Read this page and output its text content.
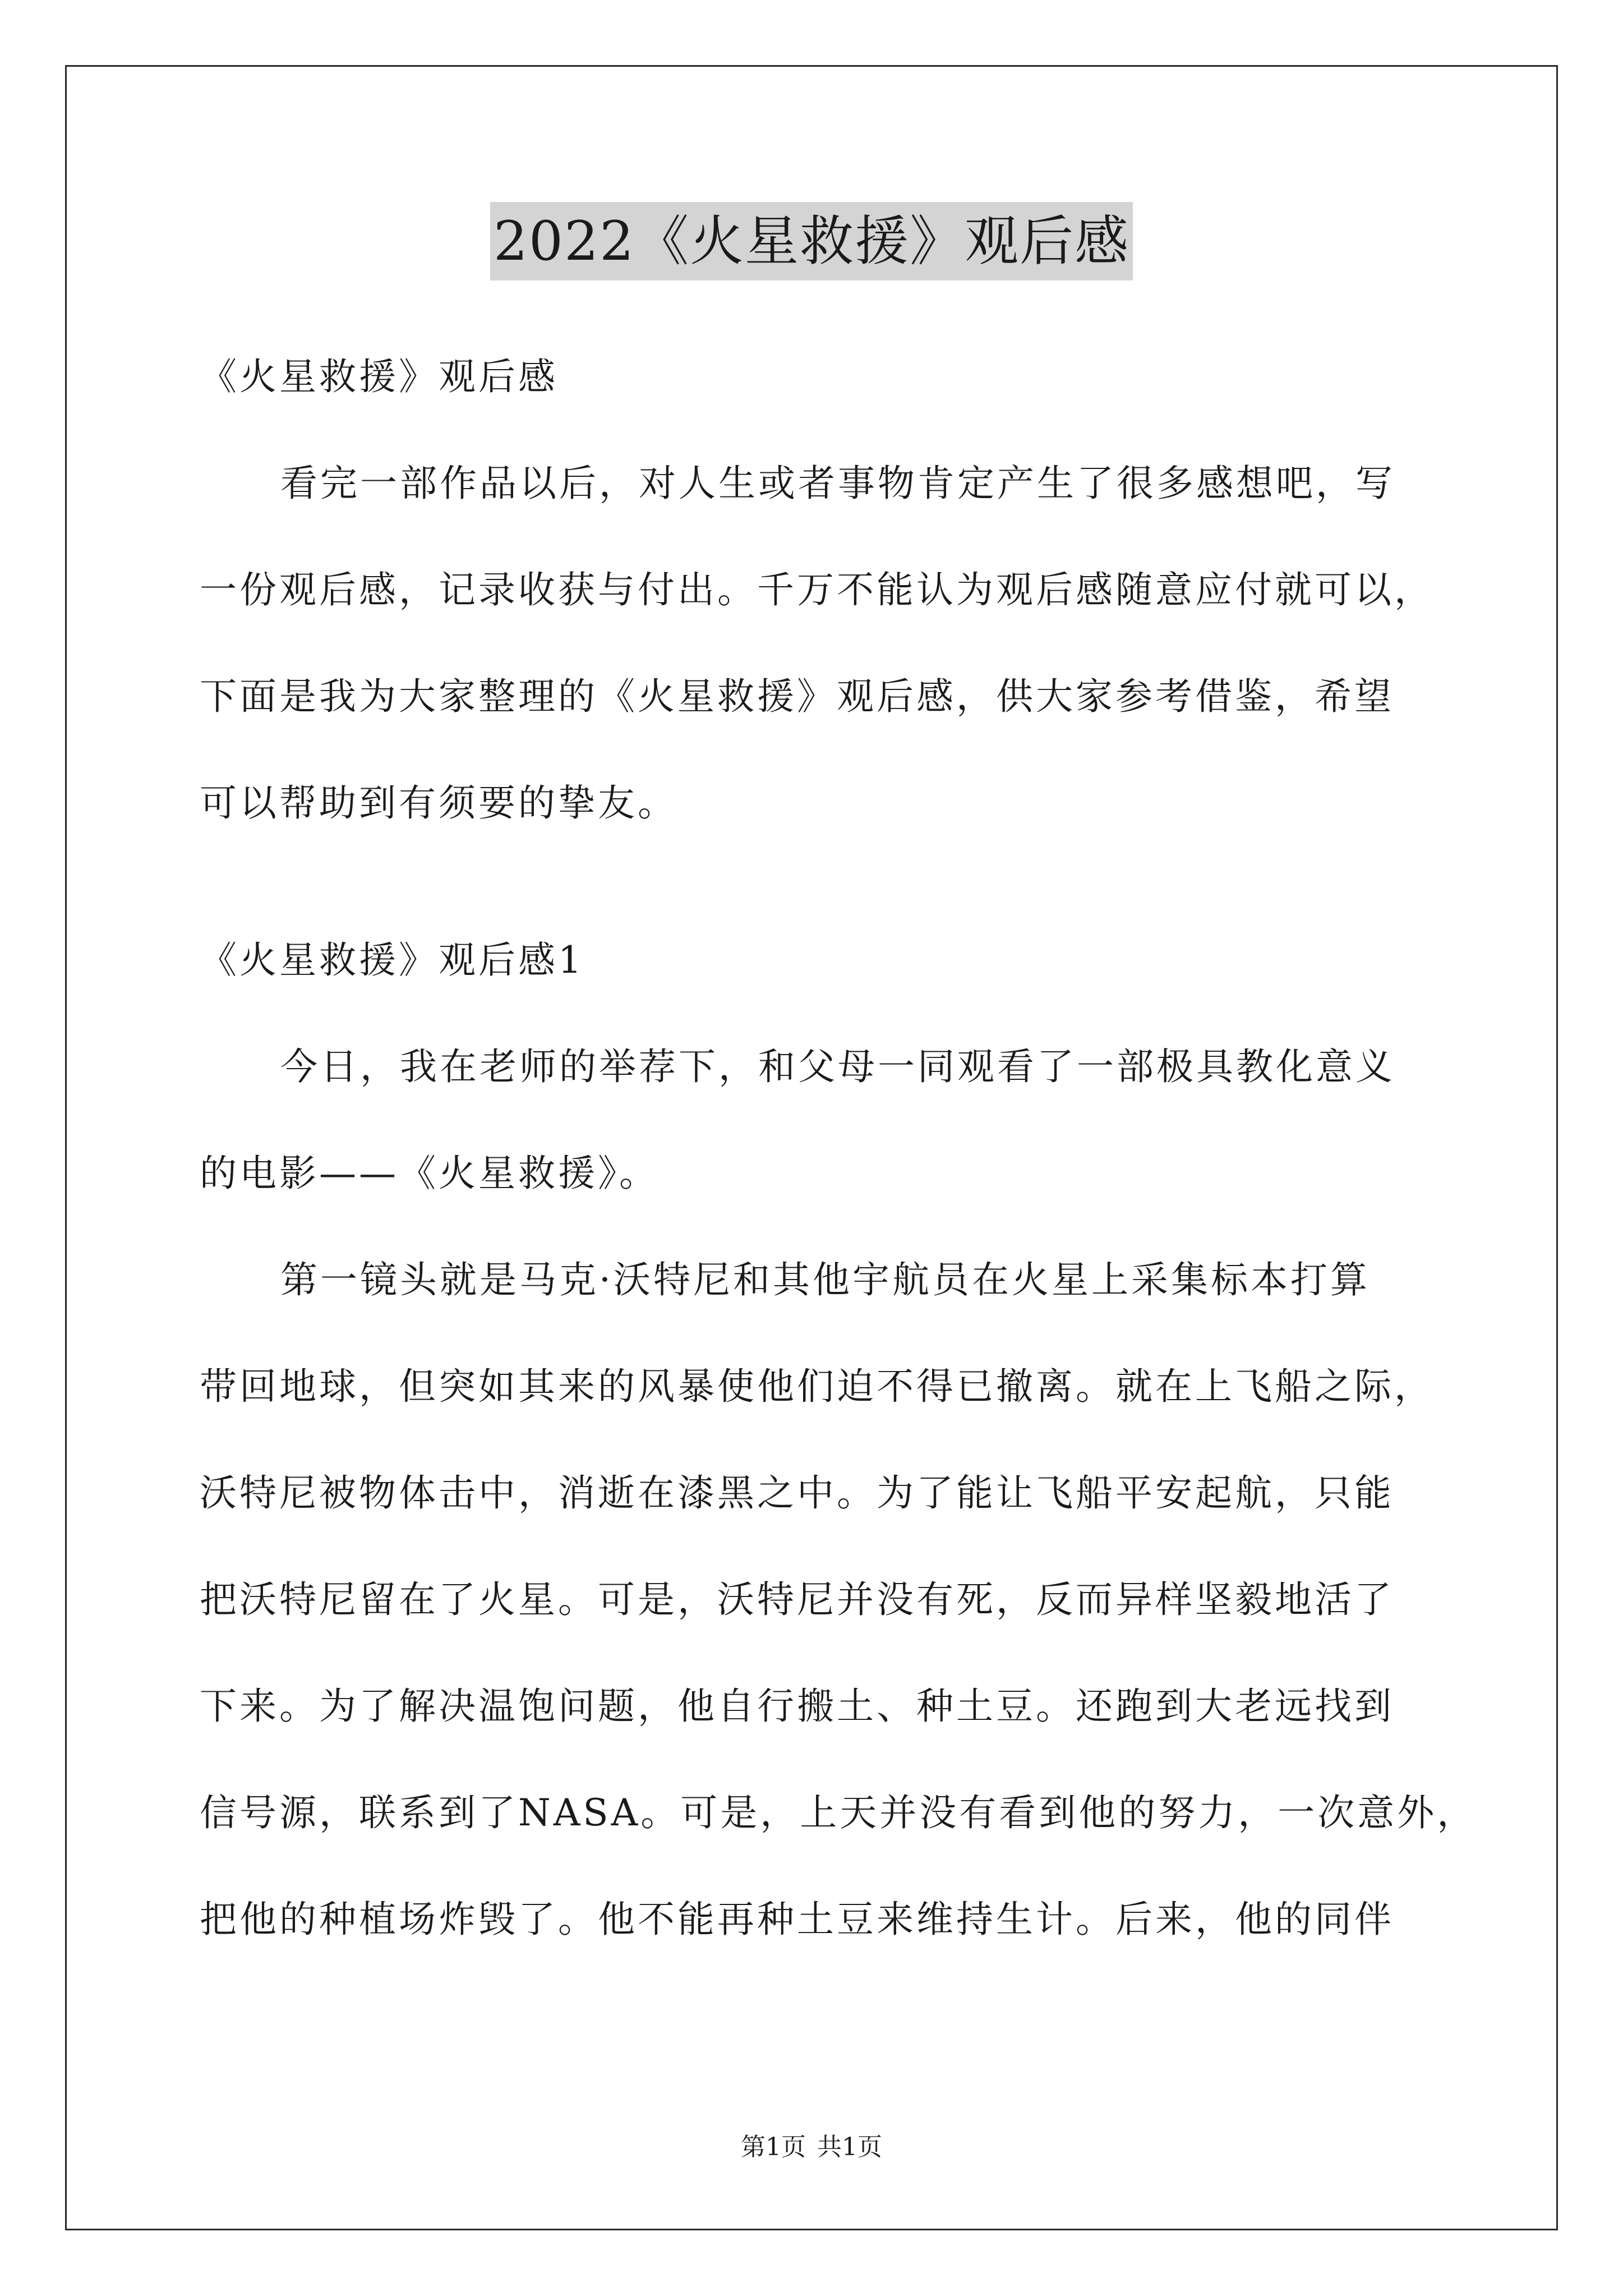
2022《火星救援》观后感
《火星救援》观后感
看完一部作品以后，对人生或者事物肯定产生了很多感想吧，写
一份观后感，记录收获与付出。千万不能认为观后感随意应付就可以，
下面是我为大家整理的《火星救援》观后感，供大家参考借鉴，希望
可以帮助到有须要的挚友。
《火星救援》观后感1
今日，我在老师的举荐下，和父母一同观看了一部极具教化意义
的电影——《火星救援》。
第一镜头就是马克·沃特尼和其他宇航员在火星上采集标本打算
带回地球，但突如其来的风暴使他们迫不得已撤离。就在上飞船之际，
沃特尼被物体击中，消逝在漆黑之中。为了能让飞船平安起航，只能
把沃特尼留在了火星。可是，沃特尼并没有死，反而异样坚毅地活了
下来。为了解决温饱问题，他自行搬土、种土豆。还跑到大老远找到
信号源，联系到了NASA。可是，上天并没有看到他的努力，一次意外，
把他的种植场炸毁了。他不能再种土豆来维持生计。后来，他的同伴
第1页 共1页
